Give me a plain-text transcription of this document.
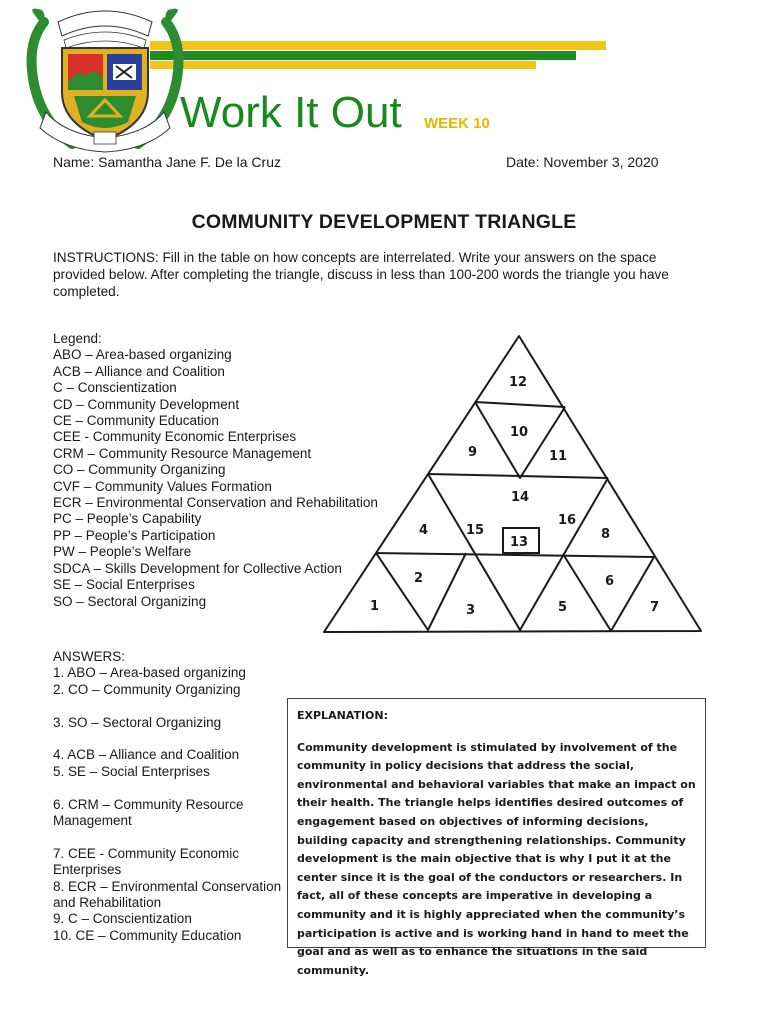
Work It Out WEEK 10
Name: Samantha Jane F. De la Cruz	Date: November 3, 2020
COMMUNITY DEVELOPMENT TRIANGLE
INSTRUCTIONS: Fill in the table on how concepts are interrelated. Write your answers on the space provided below. After completing the triangle, discuss in less than 100-200 words the triangle you have completed.
Legend:
ABO – Area-based organizing
ACB – Alliance and Coalition
C – Conscientization
CD – Community Development
CE – Community Education
CEE - Community Economic Enterprises
CRM – Community Resource Management
CO – Community Organizing
CVF – Community Values Formation
ECR – Environmental Conservation and Rehabilitation
PC – People’s Capability
PP – People’s Participation
PW – People’s Welfare
SDCA – Skills Development for Collective Action
SE – Social Enterprises
SO – Sectoral Organizing	1
2
3
4
5
6
7
8
9
10
11
12
13
14
15
16
ANSWERS:
1. ABO – Area-based organizing
2. CO – Community Organizing
3. SO – Sectoral Organizing
4. ACB – Alliance and Coalition
5. SE – Social Enterprises
6. CRM – Community Resource Management
7. CEE - Community Economic Enterprises
8. ECR – Environmental Conservation and Rehabilitation
9. C – Conscientization
10. CE – Community Education
EXPLANATION:
Community development is stimulated by involvement of the community in policy decisions that address the social, environmental and behavioral variables that make an impact on their health. The triangle helps identifies desired outcomes of engagement based on objectives of informing decisions, building capacity and strengthening relationships. Community development is the main objective that is why I put it at the center since it is the goal of the conductors or researchers. In fact, all of these concepts are imperative in developing a community and it is highly appreciated when the community’s participation is active and is working hand in hand to meet the goal and as well as to enhance the situations in the said community.
